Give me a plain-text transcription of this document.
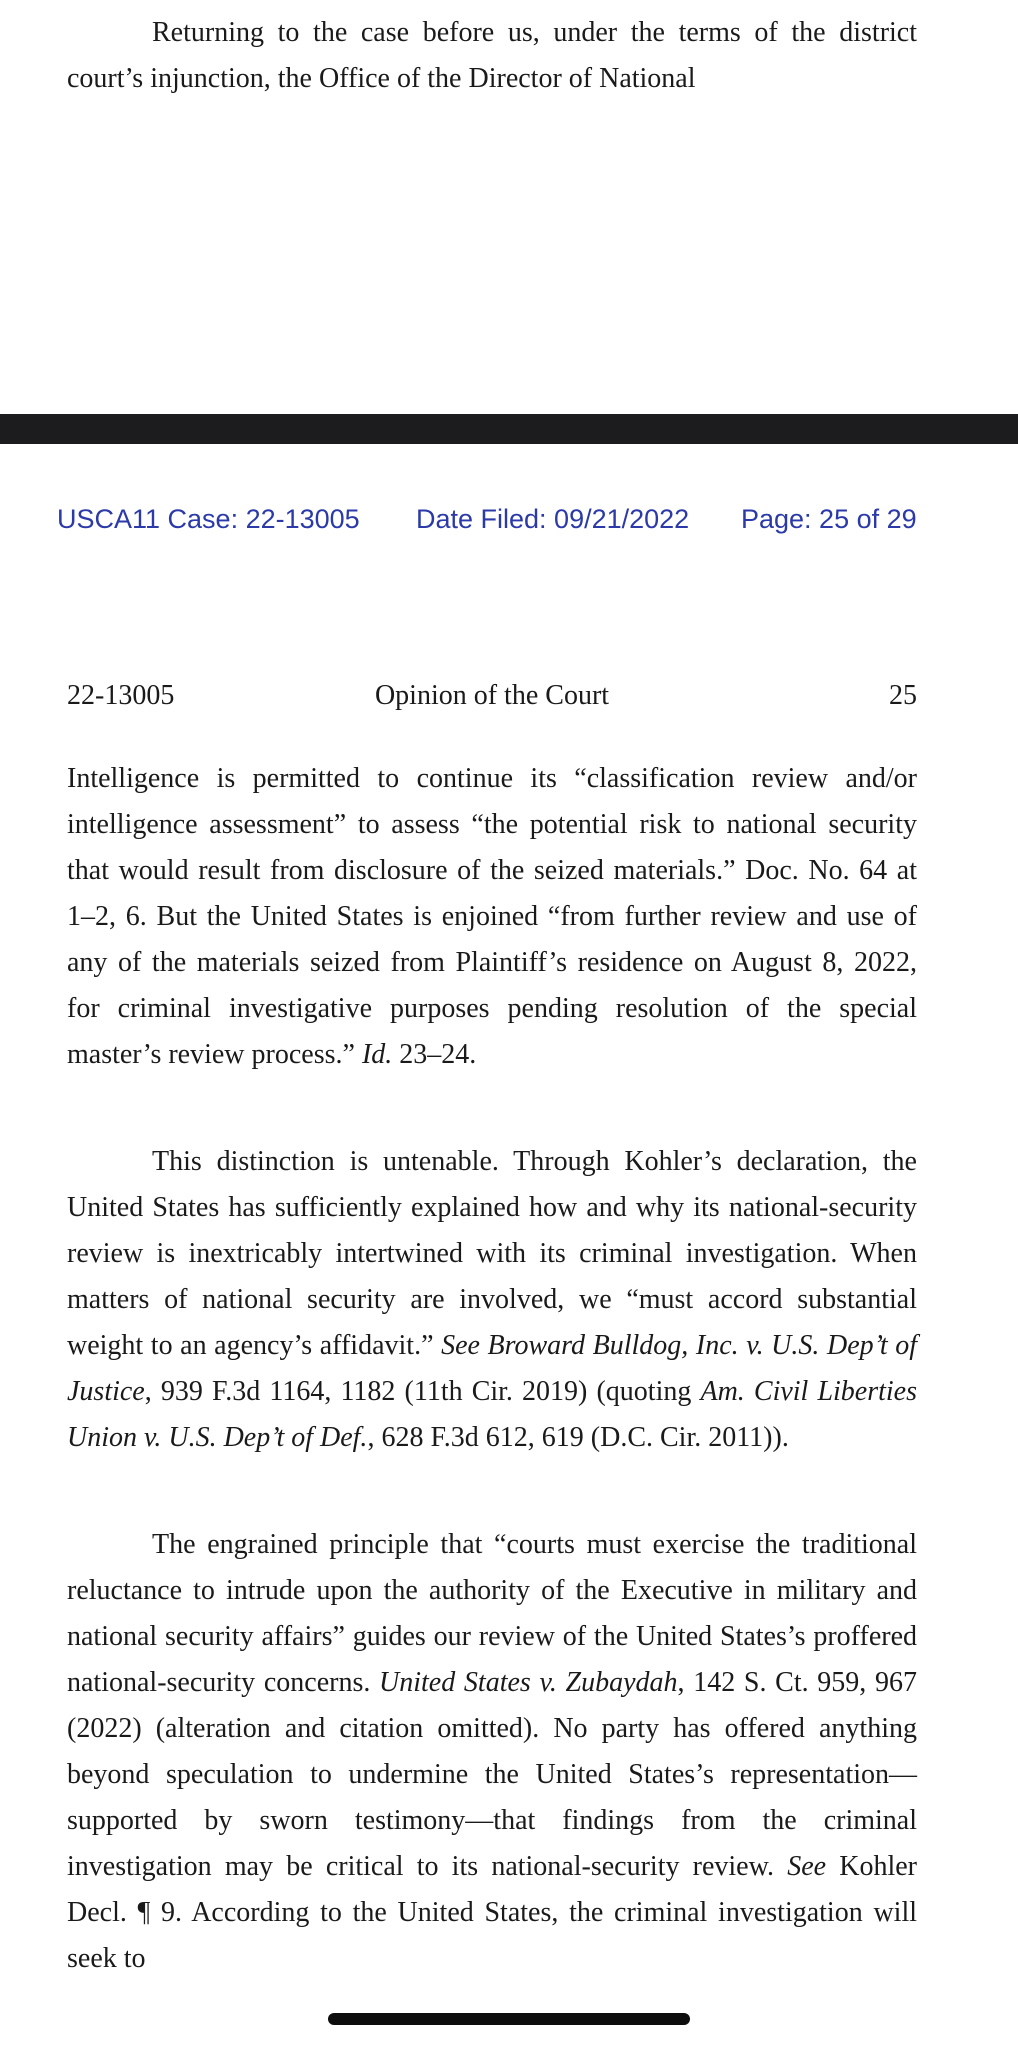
Returning to the case before us, under the terms of the district court’s injunction, the Office of the Director of National

USCA11 Case: 22-13005 Date Filed: 09/21/2022 Page: 25 of 29
22-13005	Opinion of the Court	25

Intelligence is permitted to continue its “classification review and/or intelligence assessment” to assess “the potential risk to national security that would result from disclosure of the seized materials.” Doc. No. 64 at 1–2, 6. But the United States is enjoined “from further review and use of any of the materials seized from Plaintiff’s residence on August 8, 2022, for criminal investigative purposes pending resolution of the special master’s review process.” Id. 23–24.

This distinction is untenable. Through Kohler’s declaration, the United States has sufficiently explained how and why its national-security review is inextricably intertwined with its criminal investigation. When matters of national security are involved, we “must accord substantial weight to an agency’s affidavit.” See Broward Bulldog, Inc. v. U.S. Dep’t of Justice, 939 F.3d 1164, 1182 (11th Cir. 2019) (quoting Am. Civil Liberties Union v. U.S. Dep’t of Def., 628 F.3d 612, 619 (D.C. Cir. 2011)).

The engrained principle that “courts must exercise the traditional reluctance to intrude upon the authority of the Executive in military and national security affairs” guides our review of the United States’s proffered national-security concerns. United States v. Zubaydah, 142 S. Ct. 959, 967 (2022) (alteration and citation omitted). No party has offered anything beyond speculation to undermine the United States’s representation—supported by sworn testimony—that findings from the criminal investigation may be critical to its national-security review. See Kohler Decl. ¶ 9. According to the United States, the criminal investigation will seek to
